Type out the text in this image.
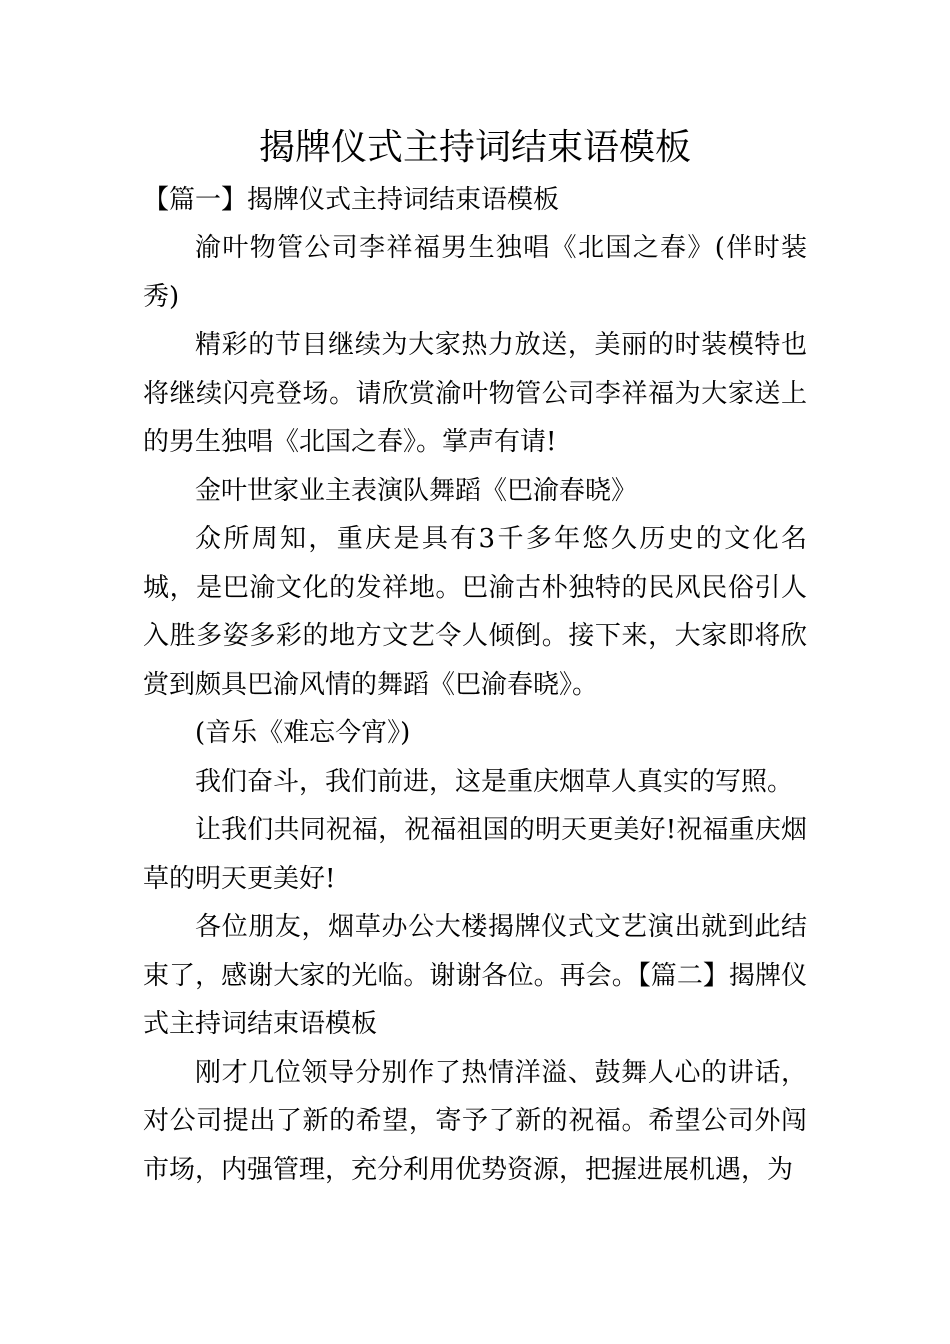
揭牌仪式主持词结束语模板
【篇一】揭牌仪式主持词结束语模板

渝叶物管公司李祥福男生独唱《北国之春》(伴时装秀)

精彩的节目继续为大家热力放送，美丽的时装模特也将继续闪亮登场。请欣赏渝叶物管公司李祥福为大家送上的男生独唱《北国之春》。掌声有请!

金叶世家业主表演队舞蹈《巴渝春晓》

众所周知，重庆是具有3千多年悠久历史的文化名城，是巴渝文化的发祥地。巴渝古朴独特的民风民俗引人入胜多姿多彩的地方文艺令人倾倒。接下来，大家即将欣赏到颇具巴渝风情的舞蹈《巴渝春晓》。

(音乐《难忘今宵》)

我们奋斗，我们前进，这是重庆烟草人真实的写照。

让我们共同祝福，祝福祖国的明天更美好!祝福重庆烟草的明天更美好!

各位朋友，烟草办公大楼揭牌仪式文艺演出就到此结束了，感谢大家的光临。谢谢各位。再会。【篇二】揭牌仪式主持词结束语模板

刚才几位领导分别作了热情洋溢、鼓舞人心的讲话，对公司提出了新的希望，寄予了新的祝福。希望公司外闯市场，内强管理，充分利用优势资源，把握进展机遇，为
